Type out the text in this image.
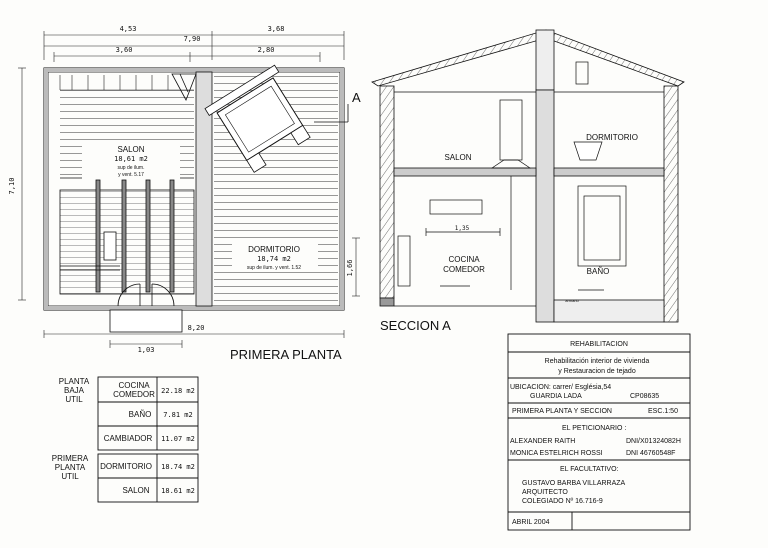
4,53	3,68
7,90
3,60	2,80
7,10
8,20
1,03
1,66
A
SALON
18,61 m2
sup de ilum.
y vent. 5.17
DORMITORIO
18,74 m2
sup de ilum. y vent. 1.52
PRIMERA PLANTA
1,35
SALON
DORMITORIO
COCINA
COMEDOR	BAÑO
armario
SECCION A
PLANTA
BAJA
UTIL
PRIMERA
PLANTA
UTIL
COCINA
COMEDOR 22.18 m2
BAÑO 7.81 m2
CAMBIADOR 11.07 m2
DORMITORIO 18.74 m2
SALON 18.61 m2
REHABILITACION
Rehabilitación interior de vivienda
y Restauracion de tejado
UBICACION: carrer/ Església,54
GUARDIA LADA	CP08635
PRIMERA PLANTA Y SECCION	ESC.1:50
EL PETICIONARIO :
ALEXANDER RAITH	DNI/X01324082H
MONICA ESTELRICH ROSSI	DNI 46760548F
EL FACULTATIVO:
GUSTAVO BARBA VILLARRAZA
ARQUITECTO
COLEGIADO Nº 16.716-9
ABRIL 2004
